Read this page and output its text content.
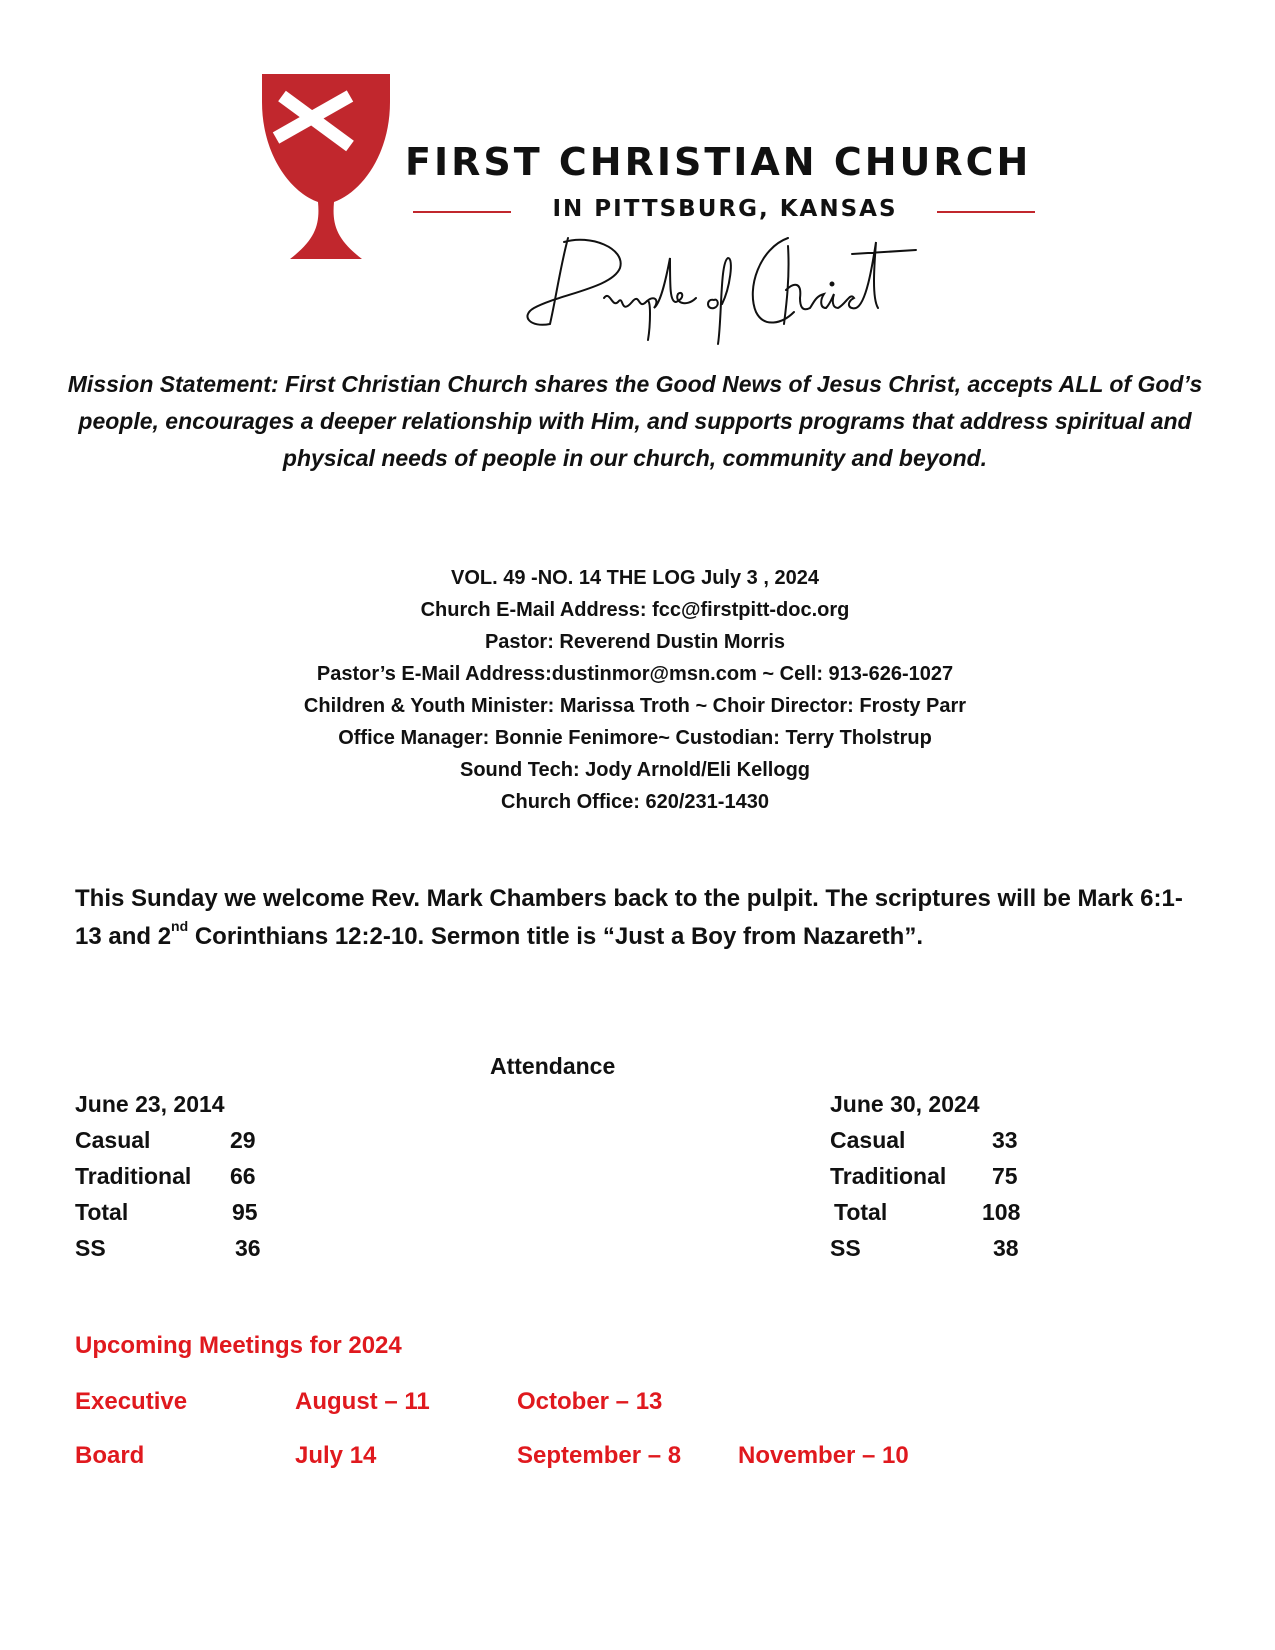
FIRST CHRISTIAN CHURCH
IN PITTSBURG, KANSAS
Mission Statement: First Christian Church shares the Good News of Jesus Christ, accepts ALL of God’s people, encourages a deeper relationship with Him, and supports programs that address spiritual and physical needs of people in our church, community and beyond.
VOL. 49 -NO. 14 THE LOG July 3 , 2024
Church E-Mail Address: fcc@firstpitt-doc.org
Pastor: Reverend Dustin Morris
Pastor’s E-Mail Address:dustinmor@msn.com ~ Cell: 913-626-1027
Children & Youth Minister: Marissa Troth ~ Choir Director: Frosty Parr
Office Manager: Bonnie Fenimore~ Custodian: Terry Tholstrup
Sound Tech: Jody Arnold/Eli Kellogg
Church Office: 620/231-1430
This Sunday we welcome Rev. Mark Chambers back to the pulpit. The scriptures will be Mark 6:1-13 and 2nd Corinthians 12:2-10. Sermon title is “Just a Boy from Nazareth”.
Attendance
June 23, 2014
Casual	29
Traditional 66
Total	95
SS	36
June 30, 2024
Casual	33
Traditional 75
Total	108
SS	38
Upcoming Meetings for 2024
Executive	August – 11	October – 13
Board	July 14	September – 8 November – 10
